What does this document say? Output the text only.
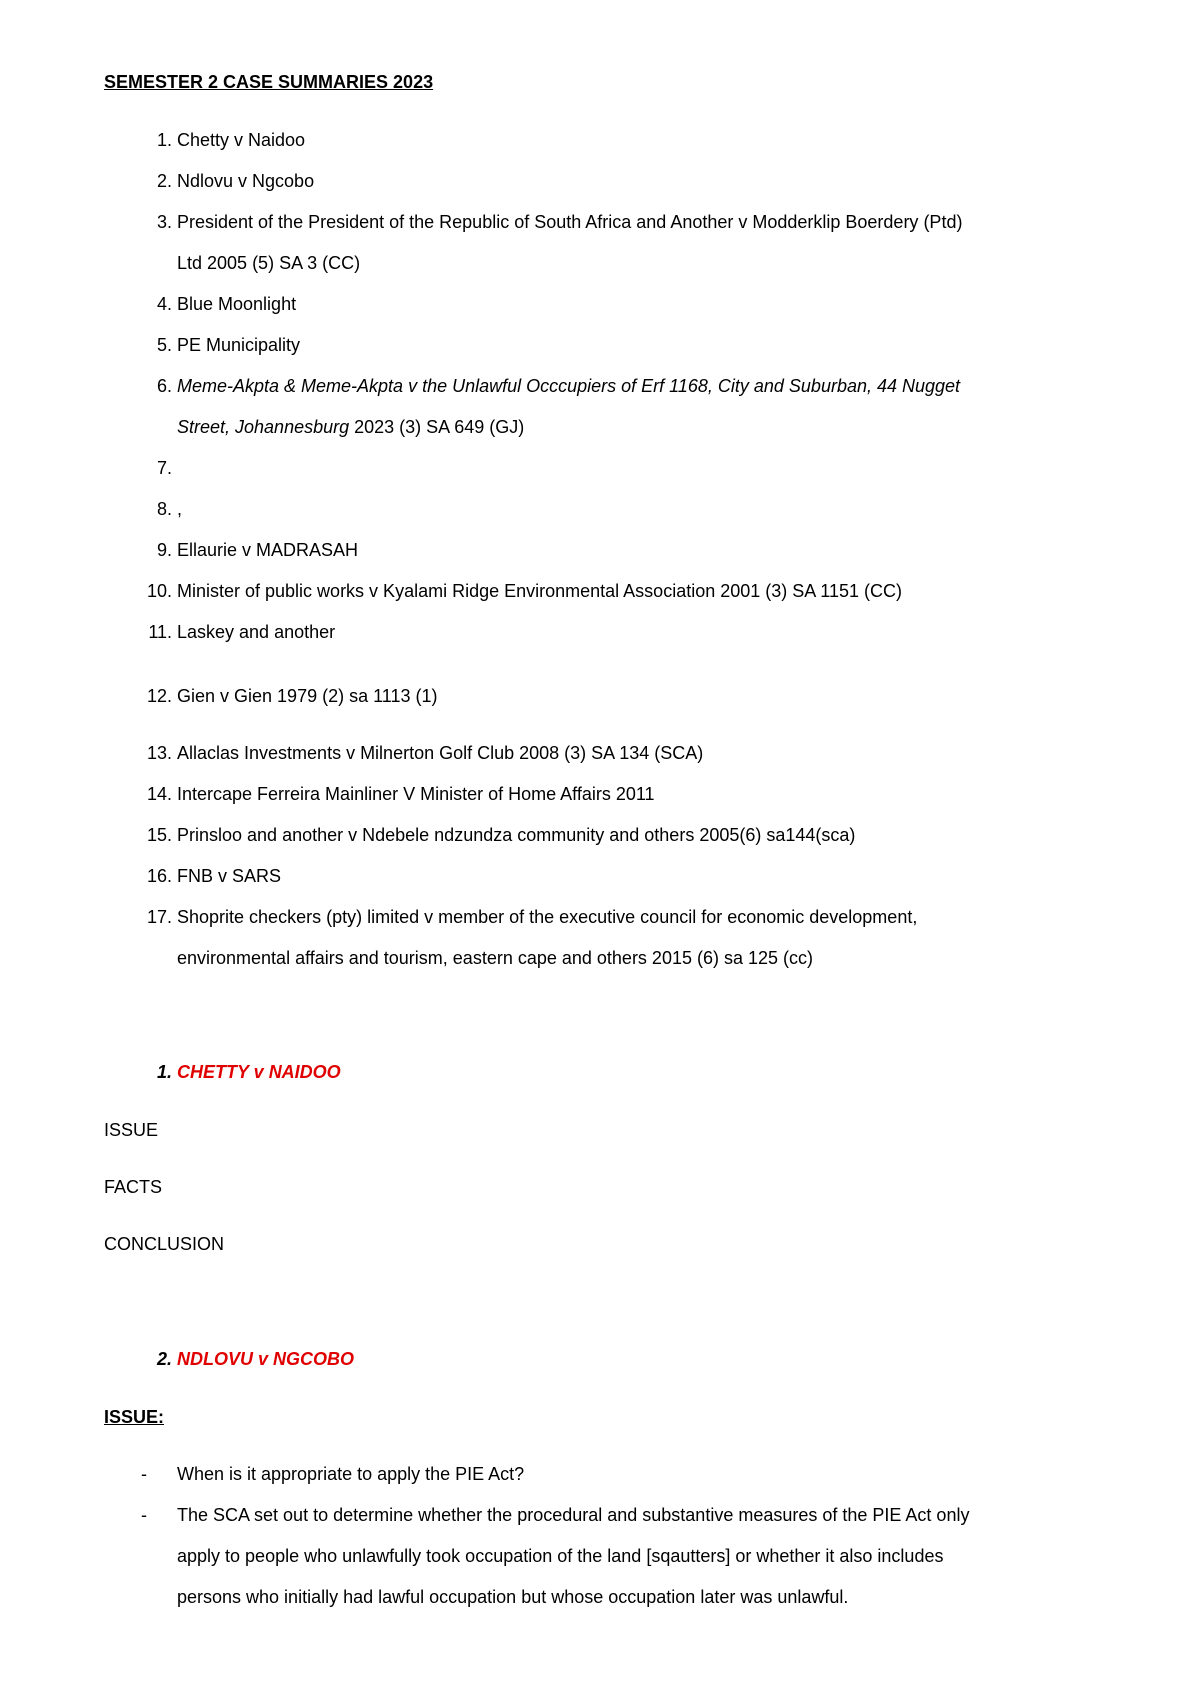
SEMESTER 2 CASE SUMMARIES 2023
1. Chetty v Naidoo
2. Ndlovu v Ngcobo
3. President of the President of the Republic of South Africa and Another v Modderklip Boerdery (Ptd)
Ltd 2005 (5) SA 3 (CC)
4. Blue Moonlight
5. PE Municipality
6. Meme-Akpta & Meme-Akpta v the Unlawful Occcupiers of Erf 1168, City and Suburban, 44 Nugget
Street, Johannesburg 2023 (3) SA 649 (GJ)
7.
8. ,
9. Ellaurie v MADRASAH
10. Minister of public works v Kyalami Ridge Environmental Association 2001 (3) SA 1151 (CC)
11. Laskey and another
12. Gien v Gien 1979 (2) sa 1113 (1)
13. Allaclas Investments v Milnerton Golf Club 2008 (3) SA 134 (SCA)
14. Intercape Ferreira Mainliner V Minister of Home Affairs 2011
15. Prinsloo and another v Ndebele ndzundza community and others 2005(6) sa144(sca)
16. FNB v SARS
17. Shoprite checkers (pty) limited v member of the executive council for economic development,
environmental affairs and tourism, eastern cape and others 2015 (6) sa 125 (cc)
1. CHETTY v NAIDOO
ISSUE
FACTS
CONCLUSION
2. NDLOVU v NGCOBO
ISSUE:
- When is it appropriate to apply the PIE Act?
- The SCA set out to determine whether the procedural and substantive measures of the PIE Act only
apply to people who unlawfully took occupation of the land [sqautters] or whether it also includes
persons who initially had lawful occupation but whose occupation later was unlawful.
